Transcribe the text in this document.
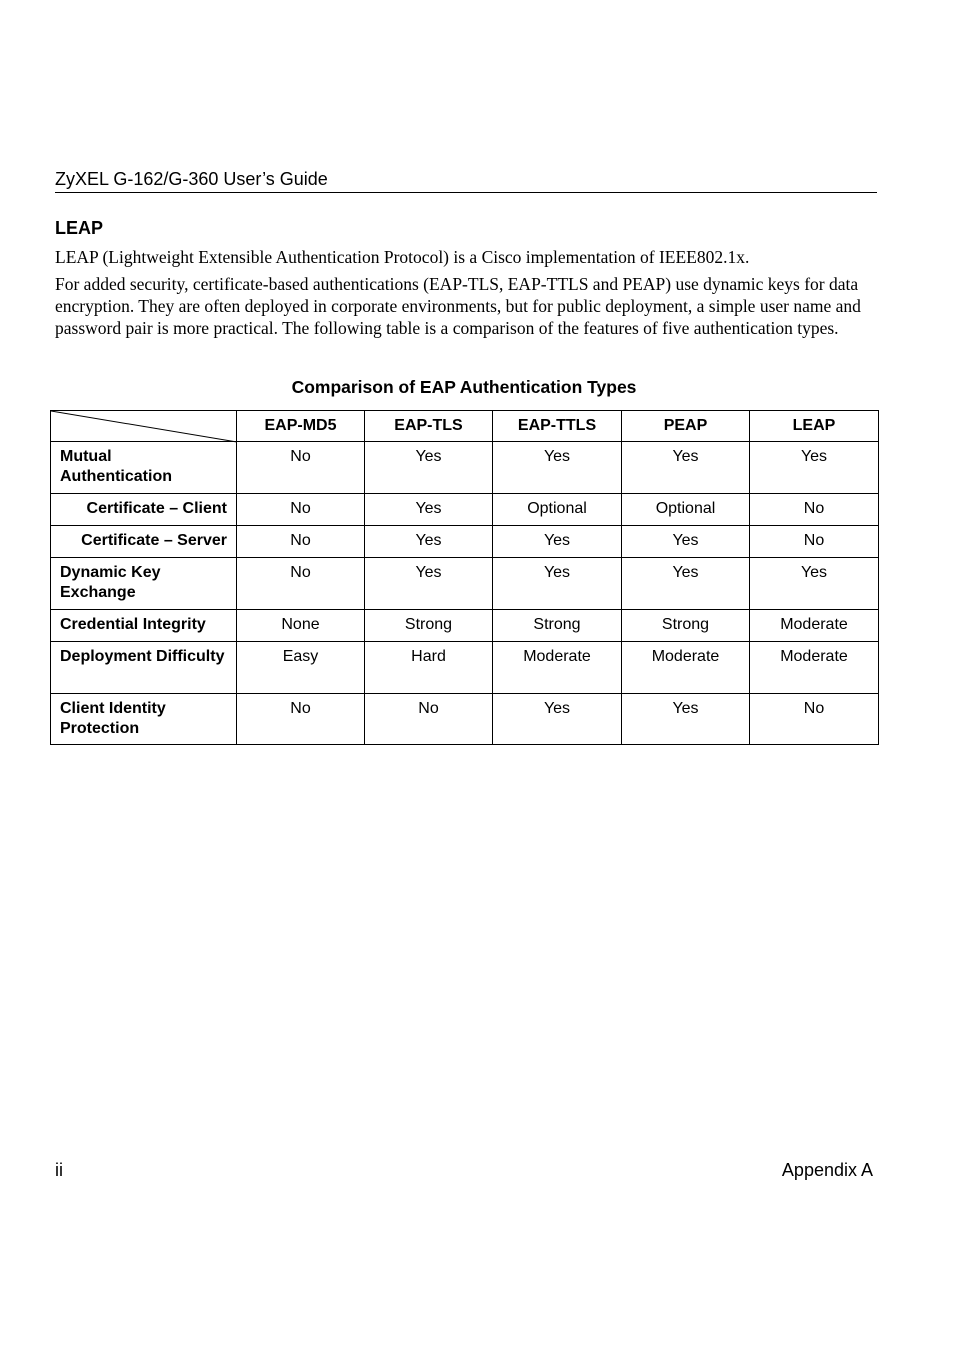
ZyXEL G-162/G-360 User’s Guide
LEAP
LEAP (Lightweight Extensible Authentication Protocol) is a Cisco implementation of IEEE802.1x.
For added security, certificate-based authentications (EAP-TLS, EAP-TTLS and PEAP) use dynamic keys for data encryption. They are often deployed in corporate environments, but for public deployment, a simple user name and password pair is more practical. The following table is a comparison of the features of five authentication types.
Comparison of EAP Authentication Types
	EAP-MD5	EAP-TLS	EAP-TTLS	PEAP	LEAP
Mutual Authentication	No	Yes	Yes	Yes	Yes
Certificate – Client	No	Yes	Optional	Optional	No
Certificate – Server	No	Yes	Yes	Yes	No
Dynamic Key Exchange	No	Yes	Yes	Yes	Yes
Credential Integrity	None	Strong	Strong	Strong	Moderate
Deployment Difficulty	Easy	Hard	Moderate	Moderate	Moderate
Client Identity Protection	No	No	Yes	Yes	No
ii	Appendix A
